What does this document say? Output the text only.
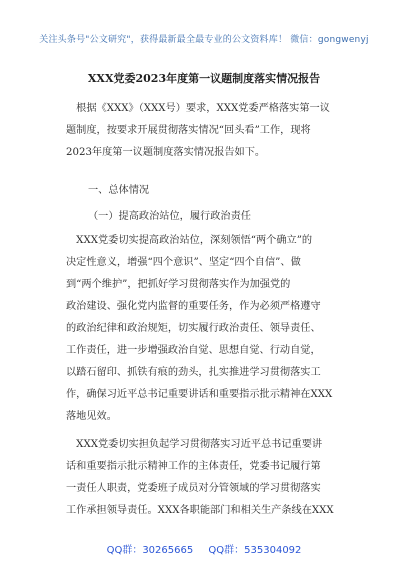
关注头条号"公文研究"，获得最新最全最专业的公文资料库！ 微信：gongwenyj
XXX党委2023年度第一议题制度落实情况报告
　根据《XXX》（XXX号）要求，XXX党委严格落实第一议
题制度，按要求开展贯彻落实情况“回头看”工作，现将
2023年度第一议题制度落实情况报告如下。
一、总体情况
（一）提高政治站位，履行政治责任
　XXX党委切实提高政治站位，深刻领悟“两个确立”的
决定性意义，增强“四个意识”、坚定“四个自信”、做
到“两个维护”，把抓好学习贯彻落实作为加强党的
政治建设、强化党内监督的重要任务，作为必须严格遵守
的政治纪律和政治规矩，切实履行政治责任、领导责任、
工作责任，进一步增强政治自觉、思想自觉、行动自觉，
以踏石留印、抓铁有痕的劲头，扎实推进学习贯彻落实工
作，确保习近平总书记重要讲话和重要指示批示精神在XXX
落地见效。
　XXX党委切实担负起学习贯彻落实习近平总书记重要讲
话和重要指示批示精神工作的主体责任，党委书记履行第
一责任人职责，党委班子成员对分管领域的学习贯彻落实
工作承担领导责任。XXX各职能部门和相关生产条线在XXX
QQ群：30265665 QQ群：535304092
